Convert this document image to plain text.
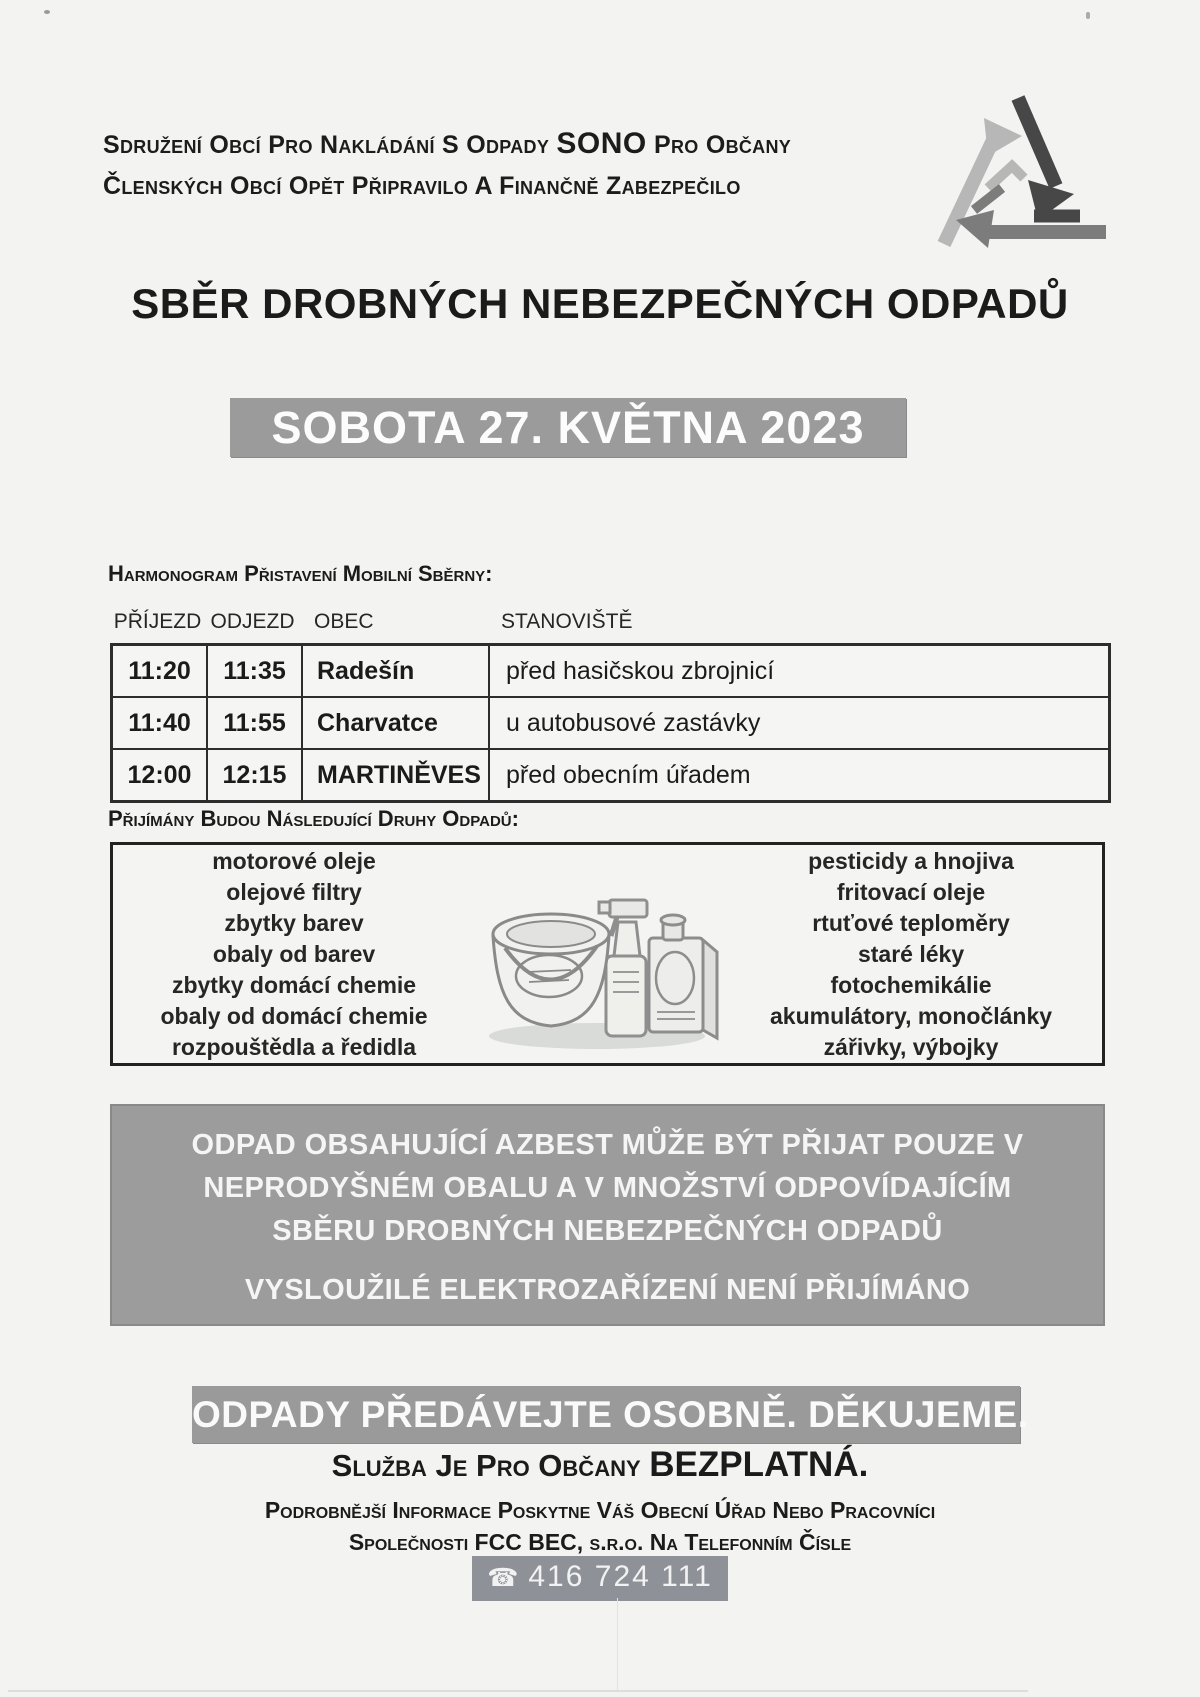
Sdružení Obcí Pro Nakládání S Odpady SONO Pro Občany
Členských Obcí Opět Připravilo A Finančně Zabezpečilo
SBĚR DROBNÝCH NEBEZPEČNÝCH ODPADŮ
SOBOTA 27. KVĚTNA 2023
Harmonogram Přistavení Mobilní Sběrny:
PŘÍJEZD ODJEZD OBEC	STANOVIŠTĚ
11:20	11:35	Radešín	před hasičskou zbrojnicí
11:40	11:55	Charvatce	u autobusové zastávky
12:00	12:15	MARTINĚVES	před obecním úřadem
Přijímány Budou Následující Druhy Odpadů:
motorové oleje
olejové filtry
zbytky barev
obaly od barev
zbytky domácí chemie
obaly od domácí chemie
rozpouštědla a ředidla
pesticidy a hnojiva
fritovací oleje
rtuťové teploměry
staré léky
fotochemikálie
akumulátory, monočlánky
zářivky, výbojky
ODPAD OBSAHUJÍCÍ AZBEST MŮŽE BÝT PŘIJAT POUZE V
NEPRODYŠNÉM OBALU A V MNOŽSTVÍ ODPOVÍDAJÍCÍM
SBĚRU DROBNÝCH NEBEZPEČNÝCH ODPADŮ
VYSLOUŽILÉ ELEKTROZAŘÍZENÍ NENÍ PŘIJÍMÁNO
ODPADY PŘEDÁVEJTE OSOBNĚ. DĚKUJEME.
Služba Je Pro Občany BEZPLATNÁ.
Podrobnější Informace Poskytne Váš Obecní Úřad Nebo Pracovníci
Společnosti FCC BEC, s.r.o. Na Telefonním Čísle
☎ 416 724 111
